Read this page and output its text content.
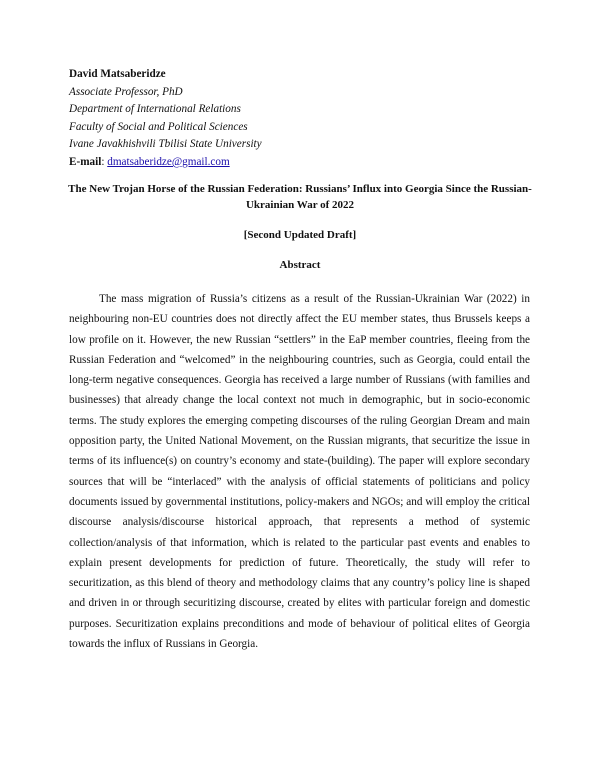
David Matsaberidze
Associate Professor, PhD
Department of International Relations
Faculty of Social and Political Sciences
Ivane Javakhishvili Tbilisi State University
E-mail: dmatsaberidze@gmail.com
The New Trojan Horse of the Russian Federation: Russians’ Influx into Georgia Since the Russian-Ukrainian War of 2022
[Second Updated Draft]
Abstract

The mass migration of Russia’s citizens as a result of the Russian-Ukrainian War (2022) in neighbouring non-EU countries does not directly affect the EU member states, thus Brussels keeps a low profile on it. However, the new Russian “settlers” in the EaP member countries, fleeing from the Russian Federation and “welcomed” in the neighbouring countries, such as Georgia, could entail the long-term negative consequences. Georgia has received a large number of Russians (with families and businesses) that already change the local context not much in demographic, but in socio-economic terms. The study explores the emerging competing discourses of the ruling Georgian Dream and main opposition party, the United National Movement, on the Russian migrants, that securitize the issue in terms of its influence(s) on country’s economy and state-(building). The paper will explore secondary sources that will be “interlaced” with the analysis of official statements of politicians and policy documents issued by governmental institutions, policy-makers and NGOs; and will employ the critical discourse analysis/discourse historical approach, that represents a method of systemic collection/analysis of that information, which is related to the particular past events and enables to explain present developments for prediction of future. Theoretically, the study will refer to securitization, as this blend of theory and methodology claims that any country’s policy line is shaped and driven in or through securitizing discourse, created by elites with particular foreign and domestic purposes. Securitization explains preconditions and mode of behaviour of political elites of Georgia towards the influx of Russians in Georgia.
